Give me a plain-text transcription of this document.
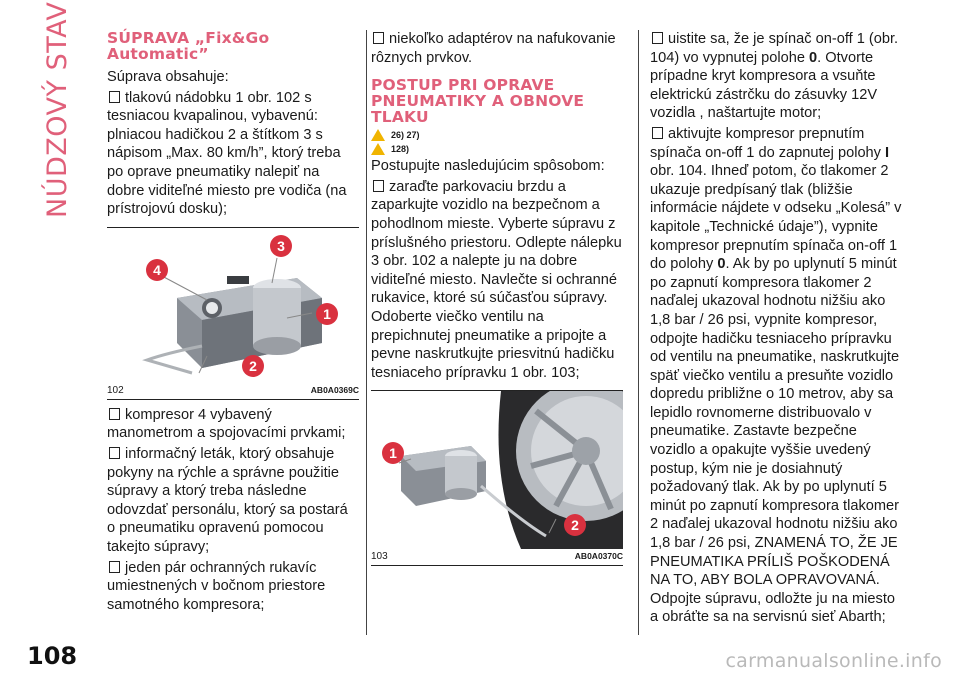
NÚDZOVÝ STAV SÚPRAVA „Fix&Go Automatic”

Súprava obsahuje:

tlakovú nádobku 1 obr. 102 s tesniacou kvapalinou, vybavenú: plniacou hadičkou 2 a štítkom 3 s nápisom „Max. 80 km/h”, ktorý treba po oprave pneumatiky nalepiť na dobre viditeľné miesto pre vodiča (na prístrojovú dosku);

3
4
1
2
102	AB0A0369C

kompresor 4 vybavený manometrom a spojovacími prvkami;

informačný leták, ktorý obsahuje pokyny na rýchle a správne použitie súpravy a ktorý treba následne odovzdať personálu, ktorý sa postará o pneumatiku opravenú pomocou takejto súpravy;

jeden pár ochranných rukavíc umiestnených v bočnom priestore samotného kompresora;

niekoľko adaptérov na nafukovanie rôznych prvkov.

POSTUP PRI OPRAVE PNEUMATIKY A OBNOVE TLAKU
26) 27)
128)

Postupujte nasledujúcim spôsobom:

zaraďte parkovaciu brzdu a zaparkujte vozidlo na bezpečnom a pohodlnom mieste. Vyberte súpravu z príslušného priestoru. Odlepte nálepku 3 obr. 102 a nalepte ju na dobre viditeľné miesto. Navlečte si ochranné rukavice, ktoré sú súčasťou súpravy. Odoberte viečko ventilu na prepichnutej pneumatike a pripojte a pevne naskrutkujte priesvitnú hadičku tesniaceho prípravku 1 obr. 103;

1
2
103	AB0A0370C

uistite sa, že je spínač on-off 1 (obr. 104) vo vypnutej polohe 0. Otvorte prípadne kryt kompresora a vsuňte elektrickú zástrčku do zásuvky 12V vozidla , naštartujte motor;

aktivujte kompresor prepnutím spínača on-off 1 do zapnutej polohy I obr. 104. Ihneď potom, čo tlakomer 2 ukazuje predpísaný tlak (bližšie informácie nájdete v odseku „Kolesá” v kapitole „Technické údaje”), vypnite kompresor prepnutím spínača on-off 1 do polohy 0. Ak by po uplynutí 5 minút po zapnutí kompresora tlakomer 2 naďalej ukazoval hodnotu nižšiu ako 1,8 bar / 26 psi, vypnite kompresor, odpojte hadičku tesniaceho prípravku od ventilu na pneumatike, naskrutkujte späť viečko ventilu a presuňte vozidlo dopredu približne o 10 metrov, aby sa lepidlo rovnomerne distribuovalo v pneumatike. Zastavte bezpečne vozidlo a opakujte vyššie uvedený postup, kým nie je dosiahnutý požadovaný tlak. Ak by po uplynutí 5 minút po zapnutí kompresora tlakomer 2 naďalej ukazoval hodnotu nižšiu ako 1,8 bar / 26 psi, ZNAMENÁ TO, ŽE JE PNEUMATIKA PRÍLIŠ POŠKODENÁ NA TO, ABY BOLA OPRAVOVANÁ. Odpojte súpravu, odložte ju na miesto a obráťte sa na servisnú sieť Abarth;

108	carmanualsonline.info
